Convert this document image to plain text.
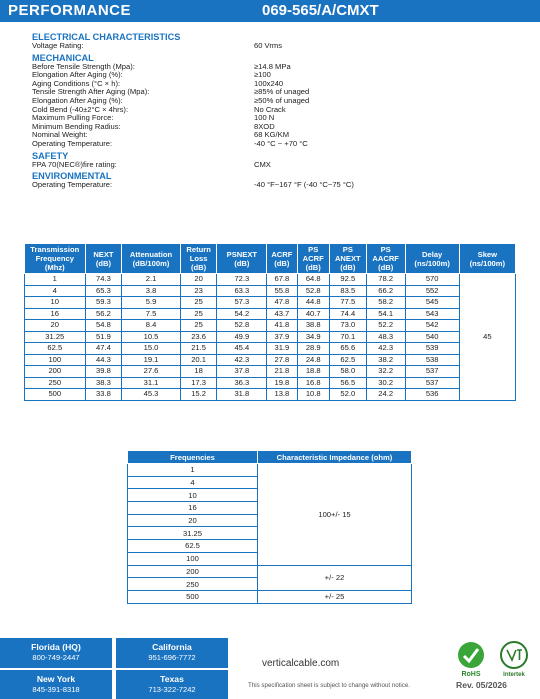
PERFORMANCE	069-565/A/CMXT
ELECTRICAL CHARACTERISTICS
Voltage Rating:	60 Vrms
MECHANICAL
Before Tensile Strength (Mpa):	≥14.8 MPa
Elongation After Aging (%):	≥100
Aging Conditions (°C × h):	100x240
Tensile Strength After Aging (Mpa):	≥85% of unaged
Elongation After Aging (%):	≥50% of unaged
Cold Bend (-40±2°C × 4hrs):	No Crack
Maximum Pulling Force:	100 N
Minimum Bending Radius:	8XOD
Nominal Weight:	68 KG/KM
Operating Temperature:	-40 °C ~ +70 °C
SAFETY
FPA 70(NEC®)fire rating:	CMX
ENVIRONMENTAL
Operating Temperature:	-40 °F~167 °F (-40 °C~75 °C)
Transmission Frequency (Mhz)	NEXT (dB)	Attenuation (dB/100m)	Return Loss (dB)	PSNEXT (dB)	ACRF (dB)	PS ACRF (dB)	PS ANEXT (dB)	PS AACRF (dB)	Delay (ns/100m)	Skew (ns/100m)
1	74.3	2.1	20	72.3	67.8	64.8	92.5	78.2	570	45
4	65.3	3.8	23	63.3	55.8	52.8	83.5	66.2	552	
10	59.3	5.9	25	57.3	47.8	44.8	77.5	58.2	545	
16	56.2	7.5	25	54.2	43.7	40.7	74.4	54.1	543	
20	54.8	8.4	25	52.8	41.8	38.8	73.0	52.2	542	
31.25	51.9	10.5	23.6	49.9	37.9	34.9	70.1	48.3	540	
62.5	47.4	15.0	21.5	45.4	31.9	28.9	65.6	42.3	539	
100	44.3	19.1	20.1	42.3	27.8	24.8	62.5	38.2	538	
200	39.8	27.6	18	37.8	21.8	18.8	58.0	32.2	537	
250	38.3	31.1	17.3	36.3	19.8	16.8	56.5	30.2	537	
500	33.8	45.3	15.2	31.8	13.8	10.8	52.0	24.2	536	
Frequencies	Characteristic Impedance (ohm)
1	100+/- 15
4	
10	
16	
20	
31.25	
62.5	
100	
200	+/- 22
250	
500	+/- 25
Florida (HQ)
800-749-2447
California
951-696-7772
New York
845-391-8318
Texas
713-322-7242
verticalcable.com
RoHS	Intertek
This specification sheet is subject to change without notice.	Rev. 05/2026
